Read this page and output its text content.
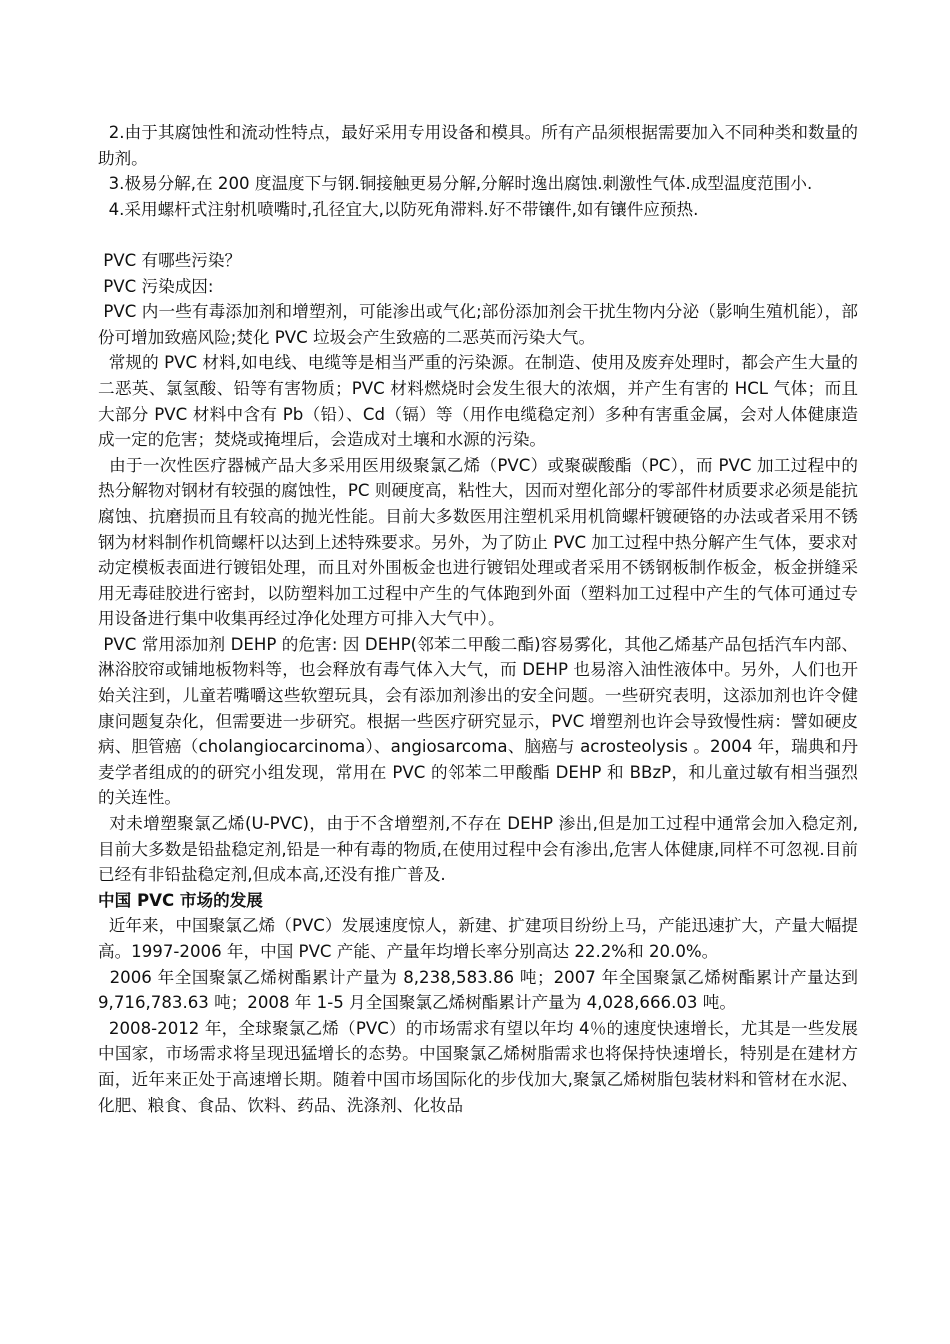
2.由于其腐蚀性和流动性特点，最好采用专用设备和模具。所有产品须根据需要加入不同种类和数量的助剂。

3.极易分解,在 200 度温度下与钢.铜接触更易分解,分解时逸出腐蚀.刺激性气体.成型温度范围小.

4.采用螺杆式注射机喷嘴时,孔径宜大,以防死角滞料.好不带镶件,如有镶件应预热.

PVC 有哪些污染？

PVC 污染成因:

PVC 内一些有毒添加剂和增塑剂，可能渗出或气化;部份添加剂会干扰生物内分泌（影响生殖机能），部份可增加致癌风险;焚化 PVC 垃圾会产生致癌的二恶英而污染大气。

常规的 PVC 材料,如电线、电缆等是相当严重的污染源。在制造、使用及废弃处理时，都会产生大量的二恶英、氯氢酸、铅等有害物质；PVC 材料燃烧时会发生很大的浓烟，并产生有害的 HCL 气体；而且大部分 PVC 材料中含有 Pb（铅）、Cd（镉）等（用作电缆稳定剂）多种有害重金属，会对人体健康造成一定的危害；焚烧或掩埋后，会造成对土壤和水源的污染。

由于一次性医疗器械产品大多采用医用级聚氯乙烯（PVC）或聚碳酸酯（PC），而 PVC 加工过程中的热分解物对钢材有较强的腐蚀性，PC 则硬度高，粘性大，因而对塑化部分的零部件材质要求必须是能抗腐蚀、抗磨损而且有较高的抛光性能。目前大多数医用注塑机采用机筒螺杆镀硬铬的办法或者采用不锈钢为材料制作机筒螺杆以达到上述特殊要求。另外，为了防止 PVC 加工过程中热分解产生气体，要求对动定模板表面进行镀铝处理，而且对外围板金也进行镀铝处理或者采用不锈钢板制作板金，板金拼缝采用无毒硅胶进行密封，以防塑料加工过程中产生的气体跑到外面（塑料加工过程中产生的气体可通过专用设备进行集中收集再经过净化处理方可排入大气中）。

PVC 常用添加剂 DEHP 的危害: 因 DEHP(邻苯二甲酸二酯)容易雾化，其他乙烯基产品包括汽车内部、淋浴胶帘或铺地板物料等，也会释放有毒气体入大气，而 DEHP 也易溶入油性液体中。另外，人们也开始关注到，儿童若嘴嚼这些软塑玩具，会有添加剂渗出的安全问题。一些研究表明，这添加剂也许令健康问题复杂化，但需要进一步研究。根据一些医疗研究显示，PVC 增塑剂也许会导致慢性病：譬如硬皮病、胆管癌（cholangiocarcinoma）、angiosarcoma、脑癌与 acrosteolysis 。2004 年，瑞典和丹麦学者组成的的研究小组发现，常用在 PVC 的邻苯二甲酸酯 DEHP 和 BBzP，和儿童过敏有相当强烈的关连性。

对未增塑聚氯乙烯(U-PVC)，由于不含增塑剂,不存在 DEHP 渗出,但是加工过程中通常会加入稳定剂,目前大多数是铅盐稳定剂,铅是一种有毒的物质,在使用过程中会有渗出,危害人体健康,同样不可忽视.目前已经有非铅盐稳定剂,但成本高,还没有推广普及.

中国 PVC 市场的发展

近年来，中国聚氯乙烯（PVC）发展速度惊人，新建、扩建项目纷纷上马，产能迅速扩大，产量大幅提高。1997-2006 年，中国 PVC 产能、产量年均增长率分别高达 22.2%和 20.0%。

2006 年全国聚氯乙烯树酯累计产量为 8,238,583.86 吨；2007 年全国聚氯乙烯树酯累计产量达到 9,716,783.63 吨；2008 年 1-5 月全国聚氯乙烯树酯累计产量为 4,028,666.03 吨。

2008-2012 年，全球聚氯乙烯（PVC）的市场需求有望以年均 4％的速度快速增长，尤其是一些发展中国家，市场需求将呈现迅猛增长的态势。中国聚氯乙烯树脂需求也将保持快速增长，特别是在建材方面，近年来正处于高速增长期。随着中国市场国际化的步伐加大,聚氯乙烯树脂包装材料和管材在水泥、化肥、粮食、食品、饮料、药品、洗涤剂、化妆品
